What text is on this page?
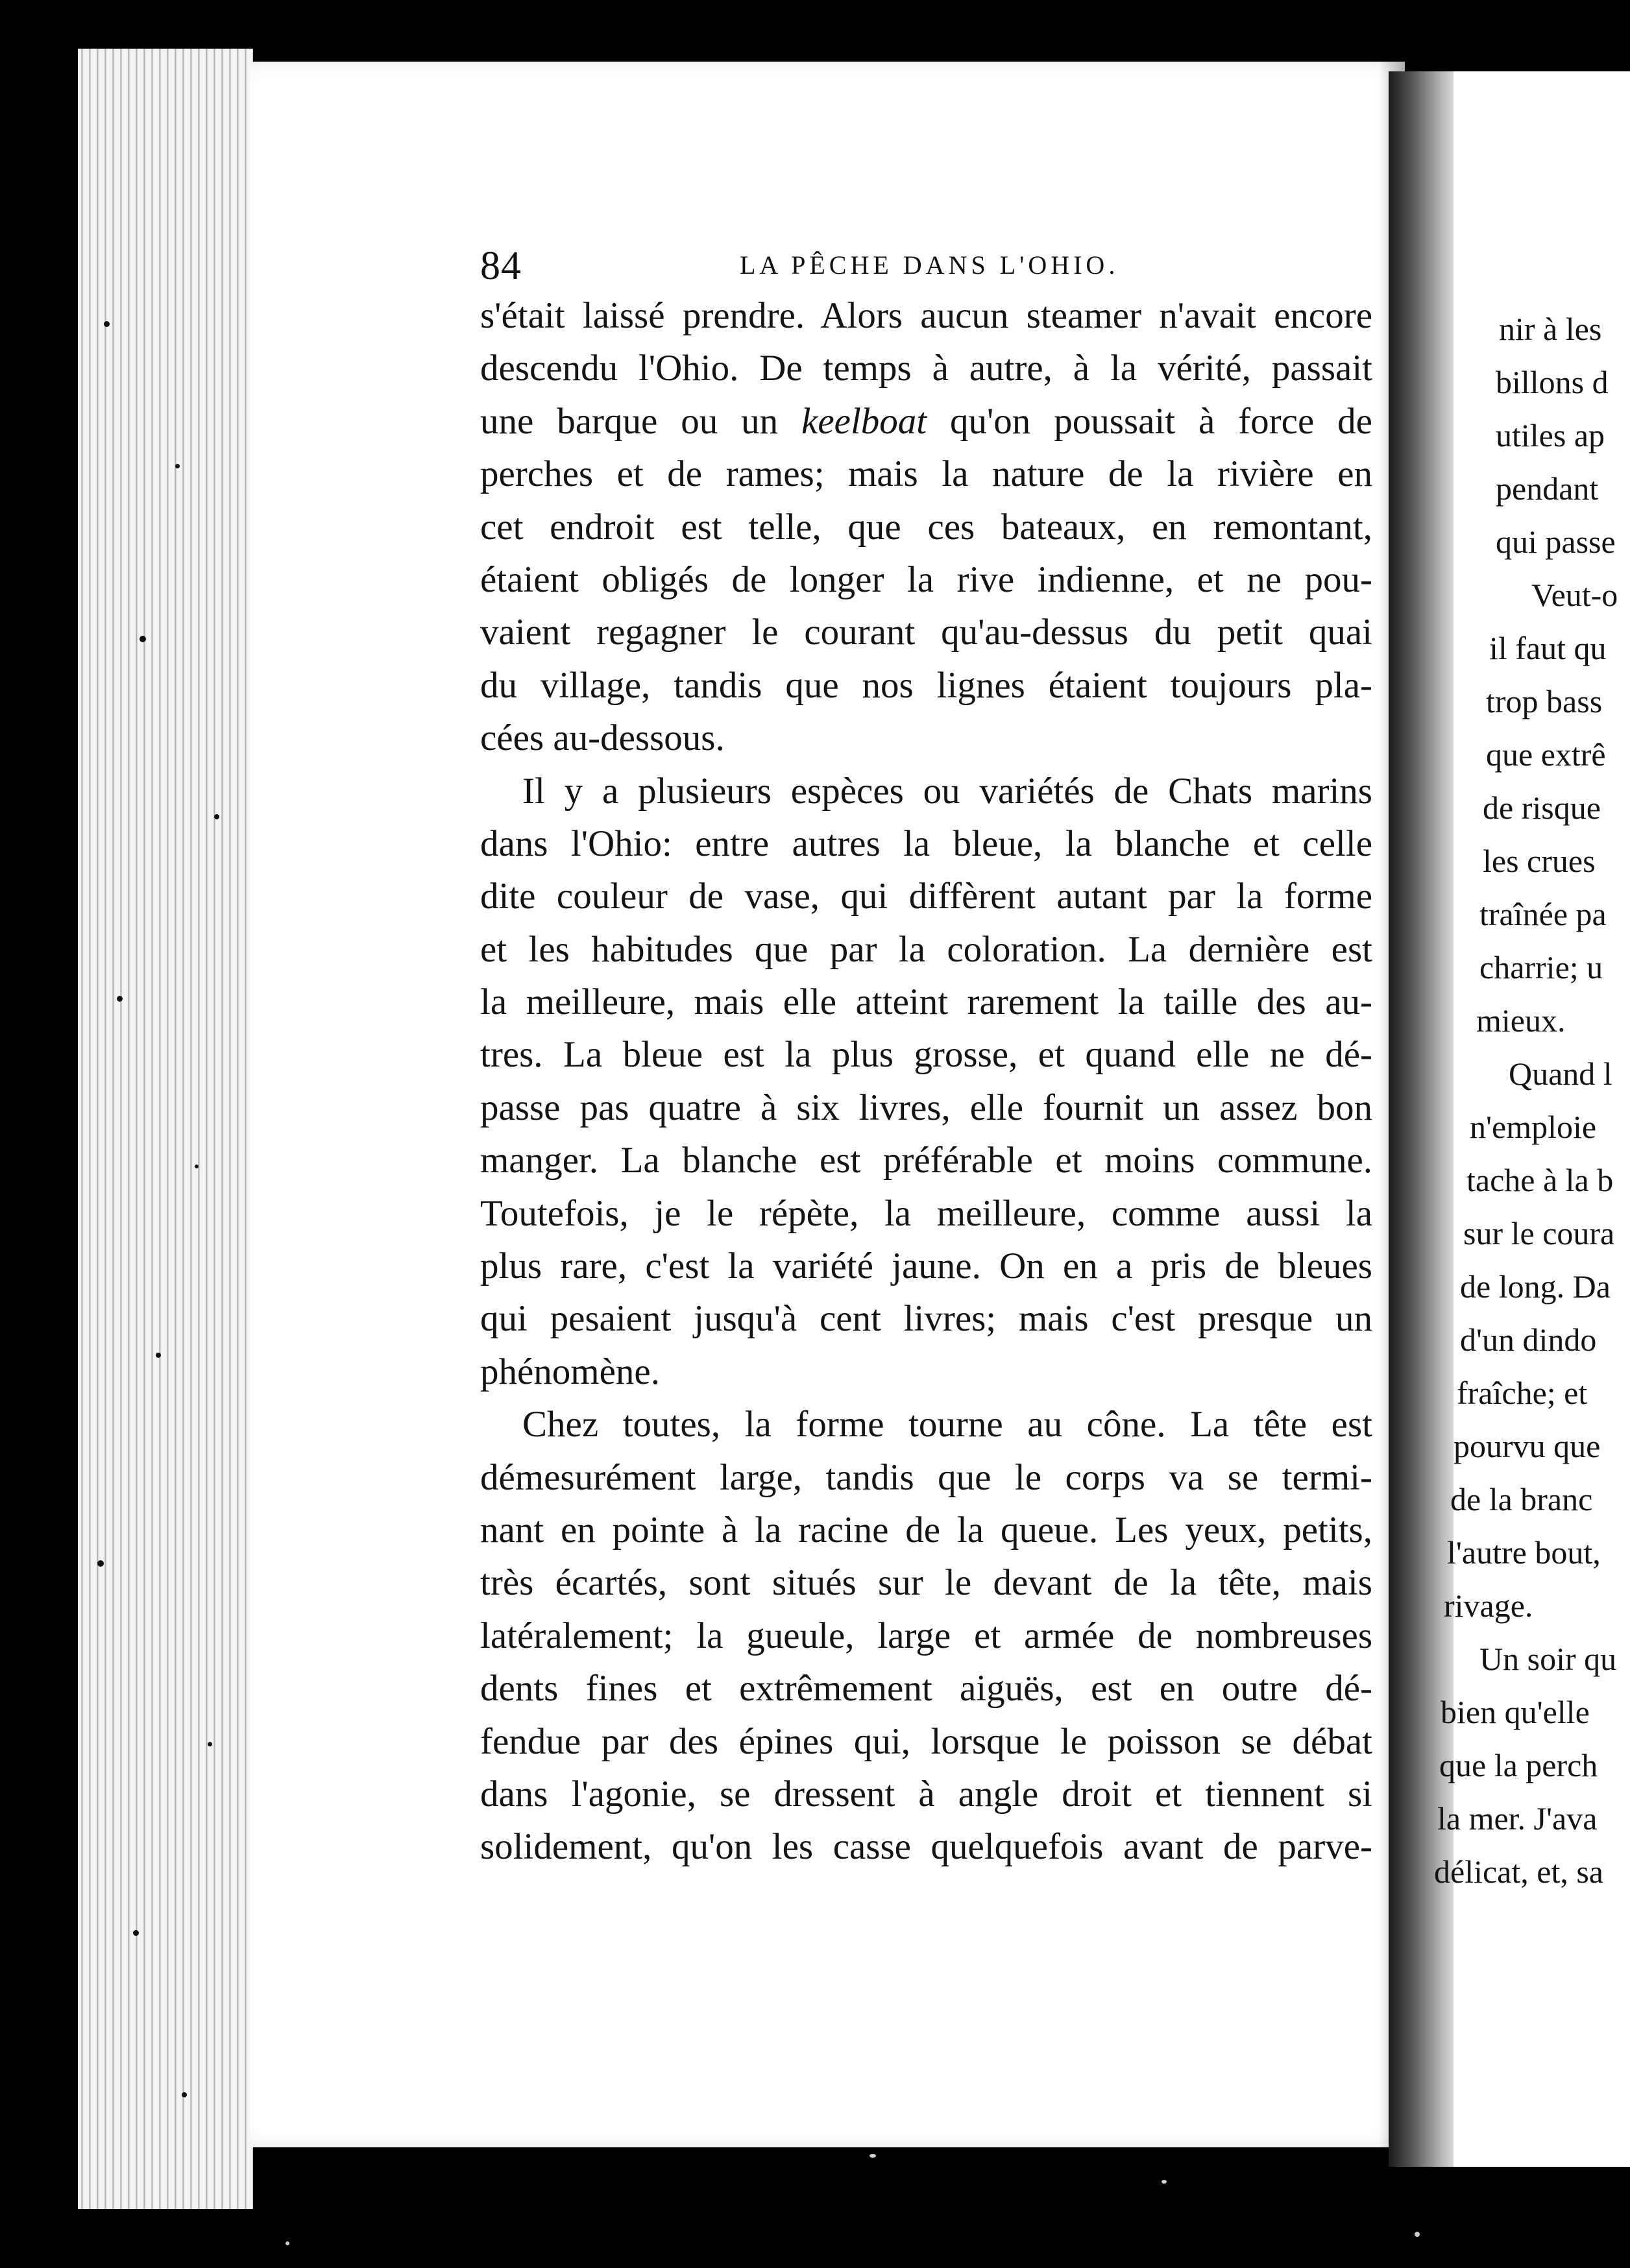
84	LA PÊCHE DANS L'OHIO.
s'était laissé prendre. Alors aucun steamer n'avait encore
descendu l'Ohio. De temps à autre, à la vérité, passait
une barque ou un keelboat qu'on poussait à force de
perches et de rames; mais la nature de la rivière en
cet endroit est telle, que ces bateaux, en remontant,
étaient obligés de longer la rive indienne, et ne pou-
vaient regagner le courant qu'au-dessus du petit quai
du village, tandis que nos lignes étaient toujours pla-
cées au-dessous.
Il y a plusieurs espèces ou variétés de Chats marins
dans l'Ohio: entre autres la bleue, la blanche et celle
dite couleur de vase, qui diffèrent autant par la forme
et les habitudes que par la coloration. La dernière est
la meilleure, mais elle atteint rarement la taille des au-
tres. La bleue est la plus grosse, et quand elle ne dé-
passe pas quatre à six livres, elle fournit un assez bon
manger. La blanche est préférable et moins commune.
Toutefois, je le répète, la meilleure, comme aussi la
plus rare, c'est la variété jaune. On en a pris de bleues
qui pesaient jusqu'à cent livres; mais c'est presque un
phénomène.
Chez toutes, la forme tourne au cône. La tête est
démesurément large, tandis que le corps va se termi-
nant en pointe à la racine de la queue. Les yeux, petits,
très écartés, sont situés sur le devant de la tête, mais
latéralement; la gueule, large et armée de nombreuses
dents fines et extrêmement aiguës, est en outre dé-
fendue par des épines qui, lorsque le poisson se débat
dans l'agonie, se dressent à angle droit et tiennent si
solidement, qu'on les casse quelquefois avant de parve-
nir à les
billons d
utiles ap
pendant
qui passe
Veut-o
il faut qu
trop bass
que extrê
de risque
les crues
traînée pa
charrie; u
mieux.
Quand l
n'emploie
tache à la b
sur le coura
de long. Da
d'un dindo
fraîche; et
pourvu que
de la branc
l'autre bout,
rivage.
Un soir qu
bien qu'elle
que la perch
la mer. J'ava
délicat, et, sa
